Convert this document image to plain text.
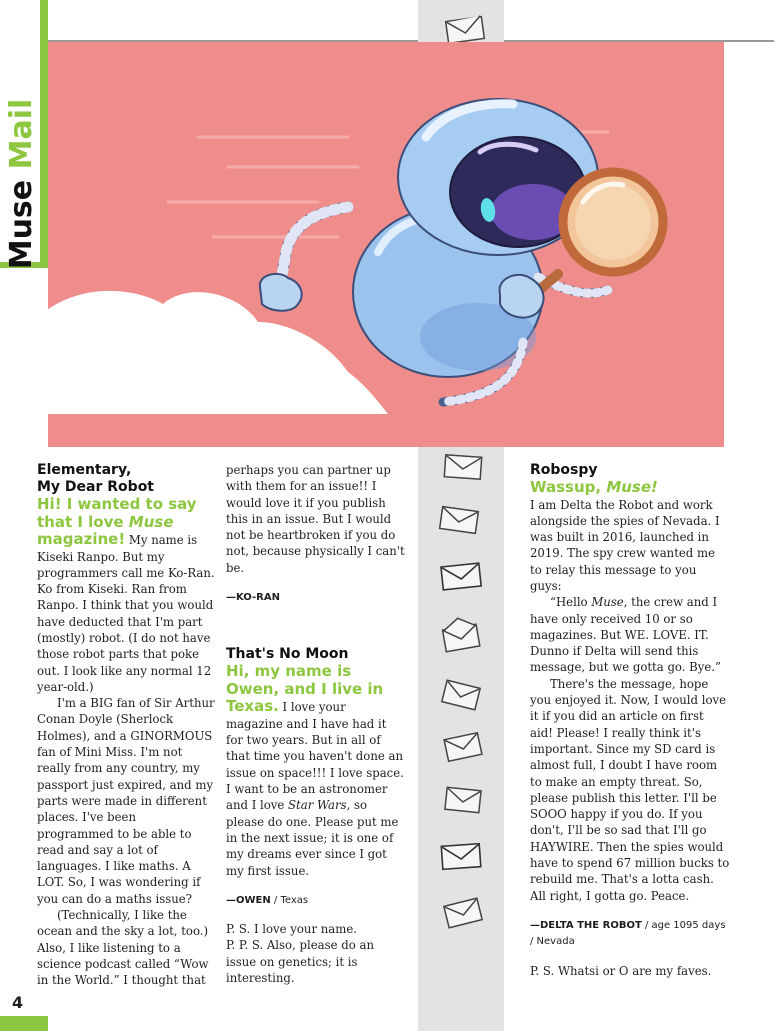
Muse Mail
Elementary,
My Dear Robot

Hi! I wanted to say that I love Muse magazine! My name is Kiseki Ranpo. But my programmers call me Ko-Ran. Ko from Kiseki. Ran from Ranpo. I think that you would have deducted that I'm part (mostly) robot. (I do not have those robot parts that poke out. I look like any normal 12 year-old.)

I'm a BIG fan of Sir Arthur Conan Doyle (Sherlock Holmes), and a GINORMOUS fan of Mini Miss. I'm not really from any country, my passport just expired, and my parts were made in different places. I've been programmed to be able to read and say a lot of languages. I like maths. A LOT. So, I was wondering if you can do a maths issue?

(Technically, I like the ocean and the sky a lot, too.) Also, I like listening to a science podcast called “Wow in the World.” I thought that

perhaps you can partner up with them for an issue!! I would love it if you publish this in an issue. But I would not be heartbroken if you do not, because physically I can't be.

—KO-RAN
That's No Moon

Hi, my name is Owen, and I live in Texas. I love your magazine and I have had it for two years. But in all of that time you haven't done an issue on space!!! I love space. I want to be an astronomer and I love Star Wars, so please do one. Please put me in the next issue; it is one of my dreams ever since I got my first issue.

—OWEN / Texas

P. S. I love your name.

P. P. S. Also, please do an issue on genetics; it is interesting.

Robospy
Wassup, Muse!

I am Delta the Robot and work alongside the spies of Nevada. I was built in 2016, launched in 2019. The spy crew wanted me to relay this message to you guys:

“Hello Muse, the crew and I have only received 10 or so magazines. But WE. LOVE. IT. Dunno if Delta will send this message, but we gotta go. Bye.”

There's the message, hope you enjoyed it. Now, I would love it if you did an article on first aid! Please! I really think it's important. Since my SD card is almost full, I doubt I have room to make an empty threat. So, please publish this letter. I'll be SOOO happy if you do. If you don't, I'll be so sad that I'll go HAYWIRE. Then the spies would have to spend 67 million bucks to rebuild me. That's a lotta cash. All right, I gotta go. Peace.

—DELTA THE ROBOT / age 1095 days / Nevada

P. S. Whatsi or O are my faves.

4
